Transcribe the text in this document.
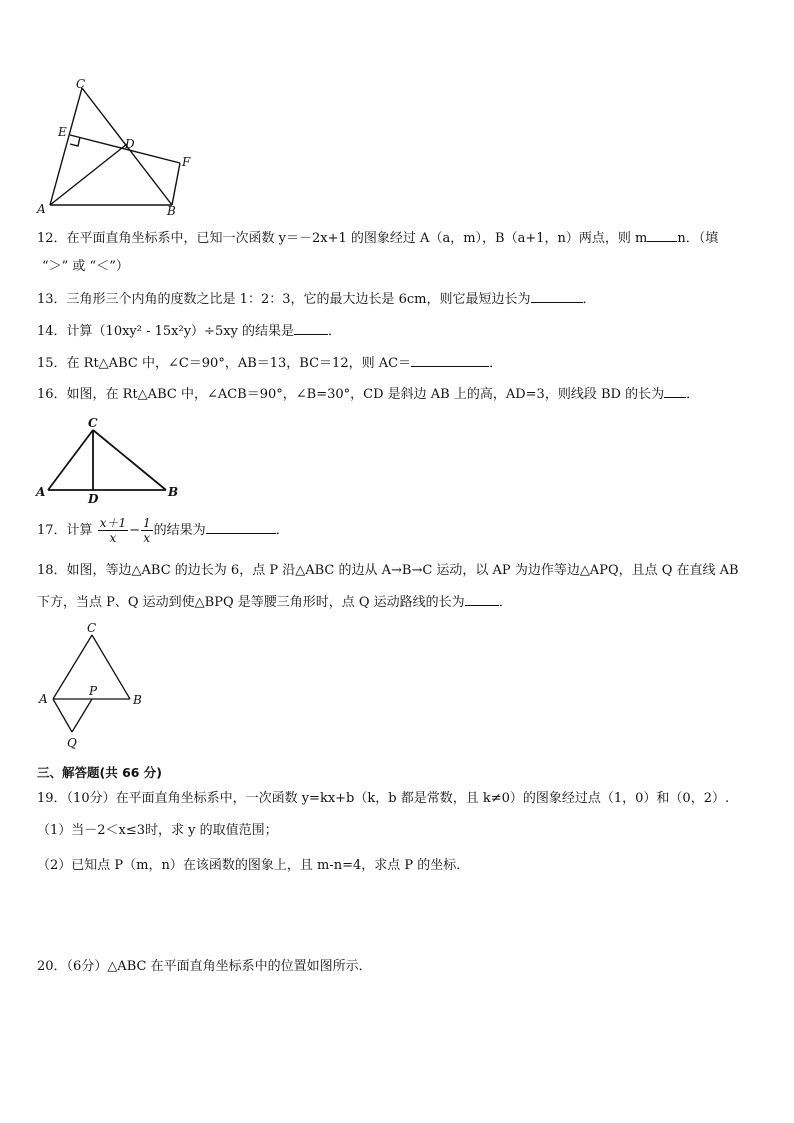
C
E
D
F
A	B
12．在平面直角坐标系中，已知一次函数 y＝－2x+1 的图象经过 A（a，m），B（a+1，n）两点，则 m n．（填
“＞” 或 “＜”）
13．三角形三个内角的度数之比是 1：2：3，它的最大边长是 6cm，则它最短边长为	．
14．计算（10xy² - 15x²y）÷5xy 的结果是	．
15．在 Rt△ABC 中，∠C＝90°，AB＝13，BC＝12，则 AC＝	．
16．如图，在 Rt△ABC 中，∠ACB＝90°，∠B=30°，CD 是斜边 AB 上的高，AD=3，则线段 BD 的长为 ．
C
A	D	B
17．计算 $\frac{x+1}{x} - \frac{1}{x}$ 的结果为	．
18．如图，等边△ABC 的边长为 6，点 P 沿△ABC 的边从 A→B→C 运动，以 AP 为边作等边△APQ，且点 Q 在直线 AB
下方，当点 P、Q 运动到使△BPQ 是等腰三角形时，点 Q 运动路线的长为	．
C
A
P
B
Q
三、解答题(共 66 分)
19．（10分）在平面直角坐标系中，一次函数 y=kx+b（k，b 都是常数，且 k≠0）的图象经过点（1，0）和（0，2）.
（1）当－2＜x≤3时，求 y 的取值范围；
（2）已知点 P（m，n）在该函数的图象上，且 m-n=4，求点 P 的坐标．
20．（6分）△ABC 在平面直角坐标系中的位置如图所示．
